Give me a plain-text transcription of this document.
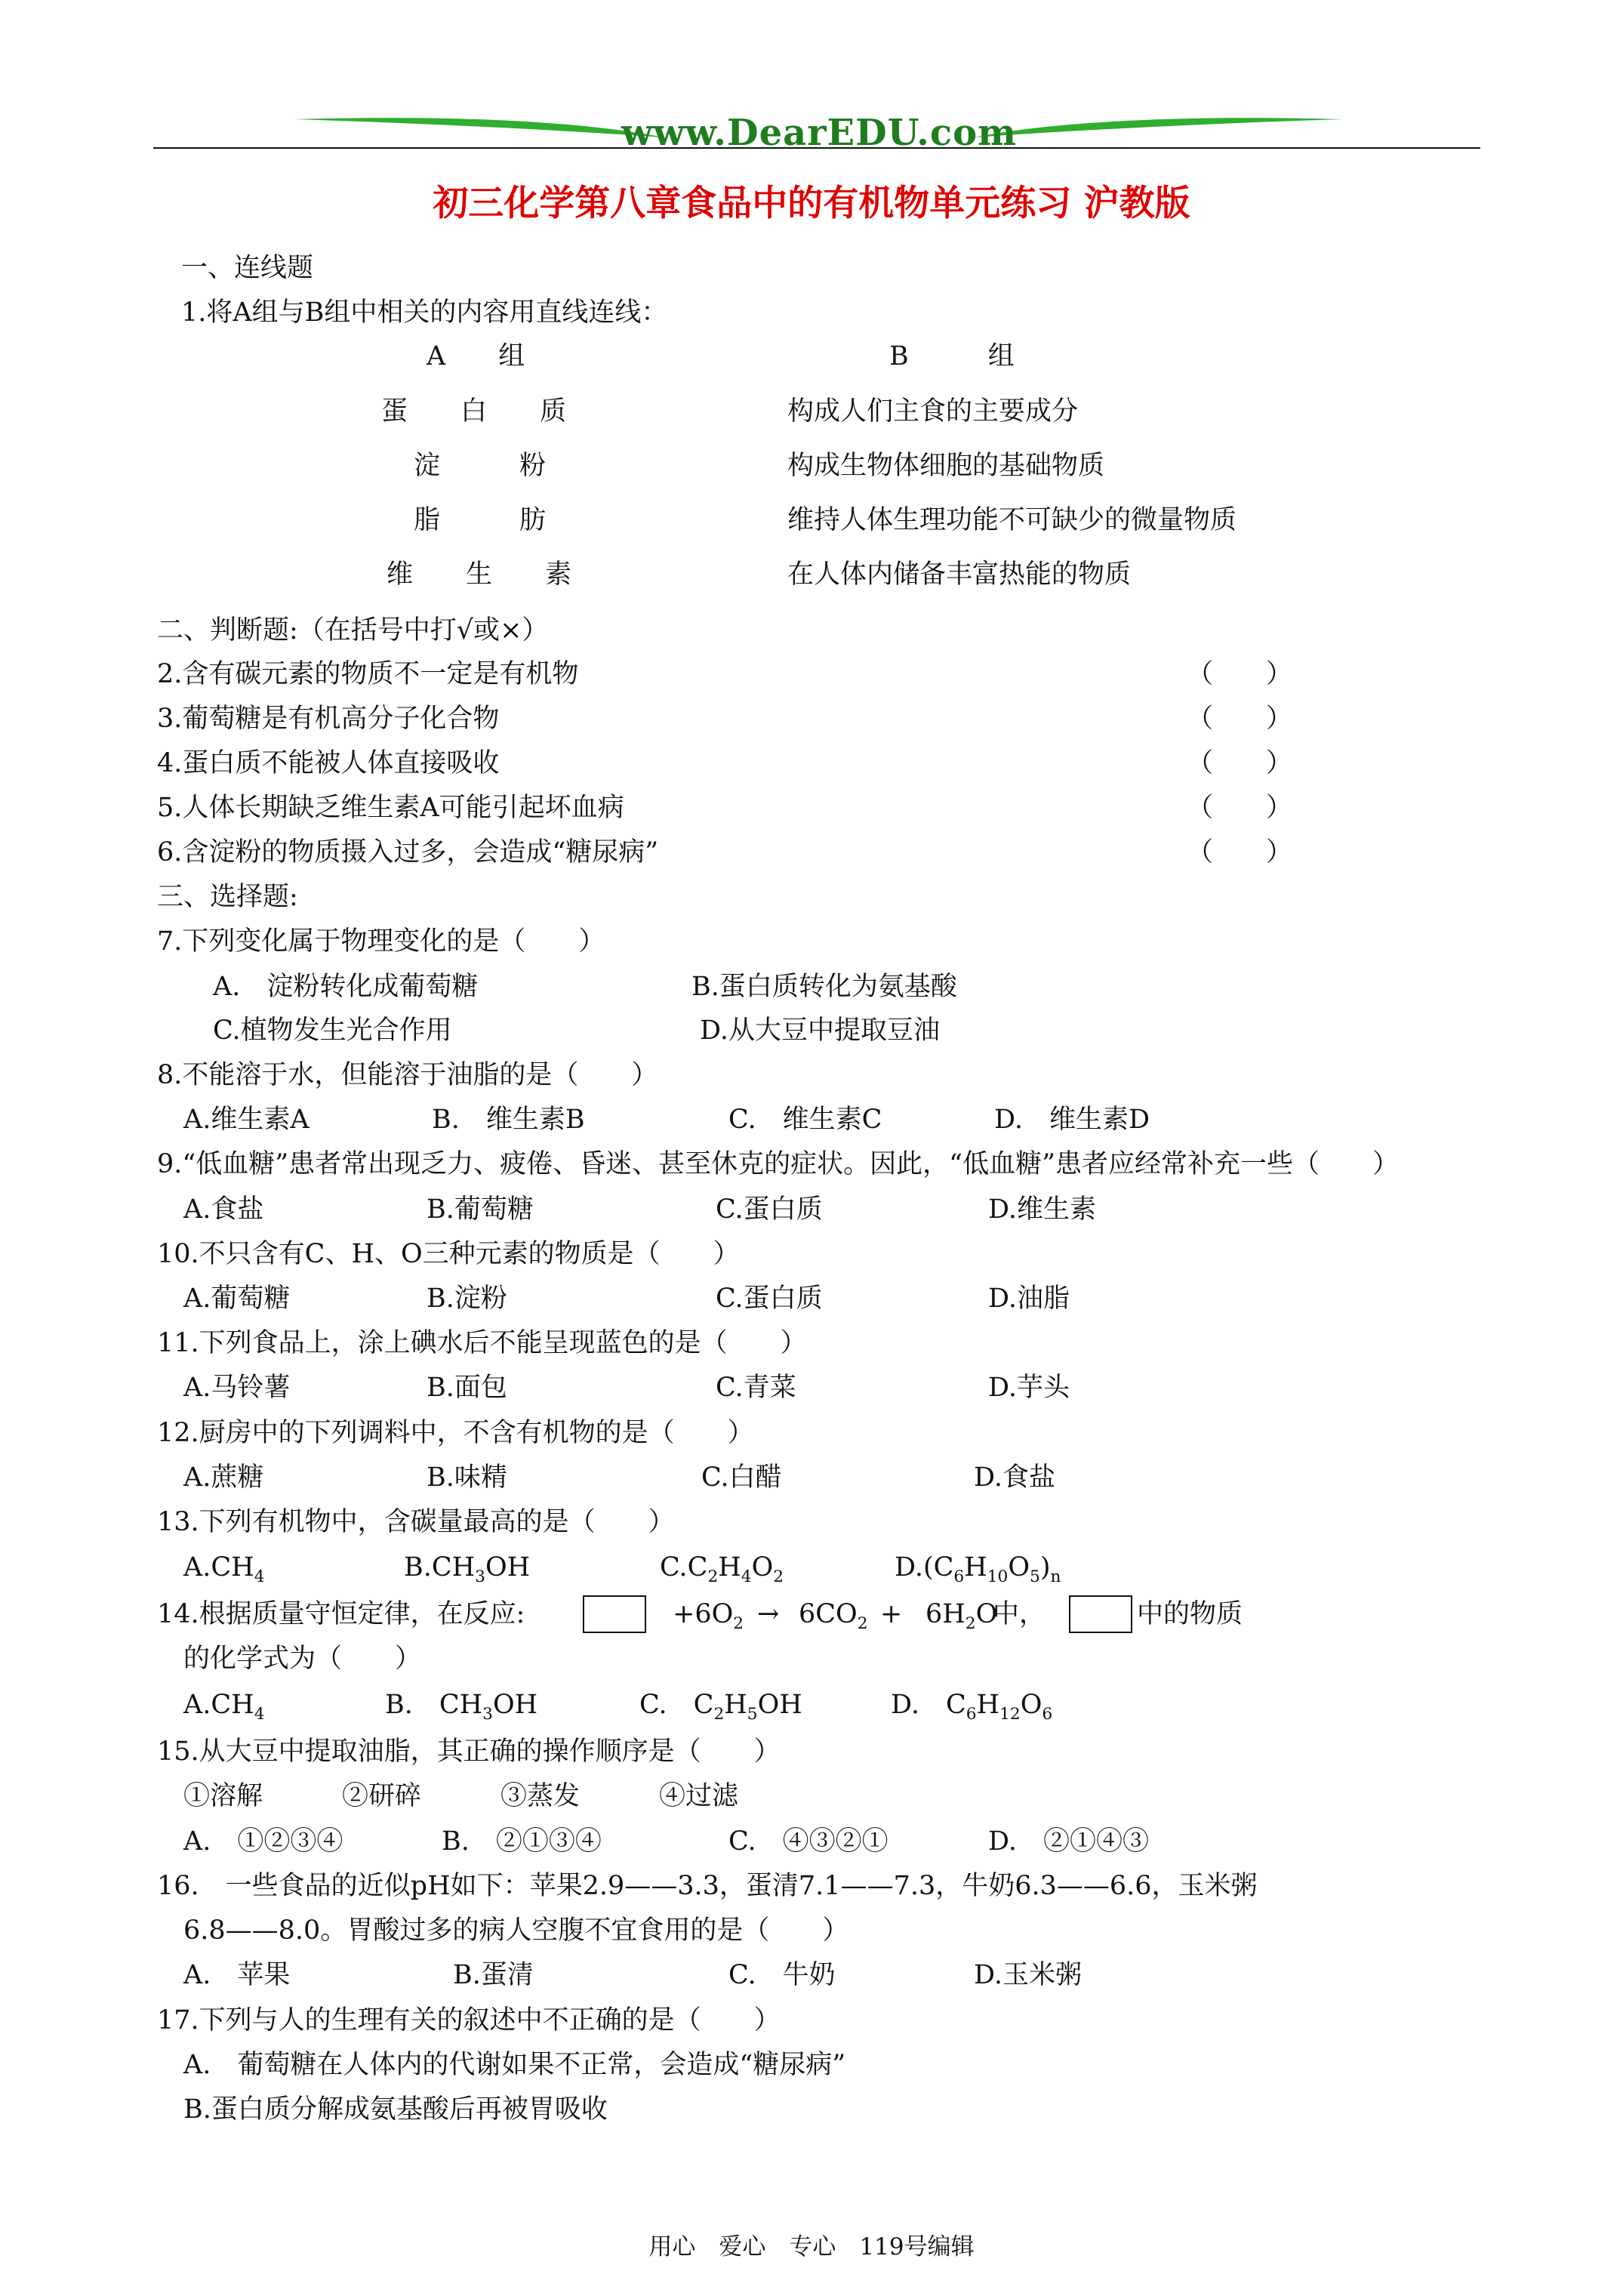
www.DearEDU.com
初三化学第八章食品中的有机物单元练习 沪教版
一、连线题
1.将A组与B组中相关的内容用直线连线：
A　　组	B　　　组
蛋　　白　　质	构成人们主食的主要成分
淀　　　粉	构成生物体细胞的基础物质
脂　　　肪	维持人体生理功能不可缺少的微量物质
维　　生　　素	在人体内储备丰富热能的物质
二、判断题:（在括号中打√或×）
2.含有碳元素的物质不一定是有机物	（　　）
3.葡萄糖是有机高分子化合物	（　　）
4.蛋白质不能被人体直接吸收	（　　）
5.人体长期缺乏维生素A可能引起坏血病	（　　）
6.含淀粉的物质摄入过多，会造成“糖尿病”	（　　）
三、选择题:
7.下列变化属于物理变化的是（　　）
A.　淀粉转化成葡萄糖	B.蛋白质转化为氨基酸
C.植物发生光合作用	D.从大豆中提取豆油
8.不能溶于水，但能溶于油脂的是（　　）
A.维生素A	B.　维生素B	C.　维生素C	D.　维生素D
9.“低血糖”患者常出现乏力、疲倦、昏迷、甚至休克的症状。因此，“低血糖”患者应经常补充一些（　　）
A.食盐	B.葡萄糖	C.蛋白质	D.维生素
10.不只含有C、H、O三种元素的物质是（　　）
A.葡萄糖	B.淀粉	C.蛋白质	D.油脂
11.下列食品上，涂上碘水后不能呈现蓝色的是（　　）
A.马铃薯	B.面包	C.青菜	D.芋头
12.厨房中的下列调料中，不含有机物的是（　　）
A.蔗糖	B.味精	C.白醋	D.食盐
13.下列有机物中，含碳量最高的是（　　）
$A.CH_4$	$B.CH_3OH$	$C.C_2H_4O_2$	$D.(C_6H_{10}O_5)_n$
14.根据质量守恒定律，在反应:	$+6O_2 \to 6CO_2 + 6H_2O$
中，	中的物质
的化学式为（　　）
$A.CH_4$	B.　$CH_3OH$	C.　$C_2H_5OH$	D.　$C_6H_{12}O_6$
15.从大豆中提取油脂，其正确的操作顺序是（　　）
①溶解　　　②研碎　　　③蒸发　　　④过滤
A.　①②③④	B.　②①③④	C.　④③②①	D.　②①④③
16.　一些食品的近似pH如下：苹果2.9——3.3，蛋清7.1——7.3，牛奶6.3——6.6，玉米粥
6.8——8.0。胃酸过多的病人空腹不宜食用的是（　　）
A.　苹果	B.蛋清	C.　牛奶	D.玉米粥
17.下列与人的生理有关的叙述中不正确的是（　　）
A.　葡萄糖在人体内的代谢如果不正常，会造成“糖尿病”
B.蛋白质分解成氨基酸后再被胃吸收
用心　爱心　专心　119号编辑
